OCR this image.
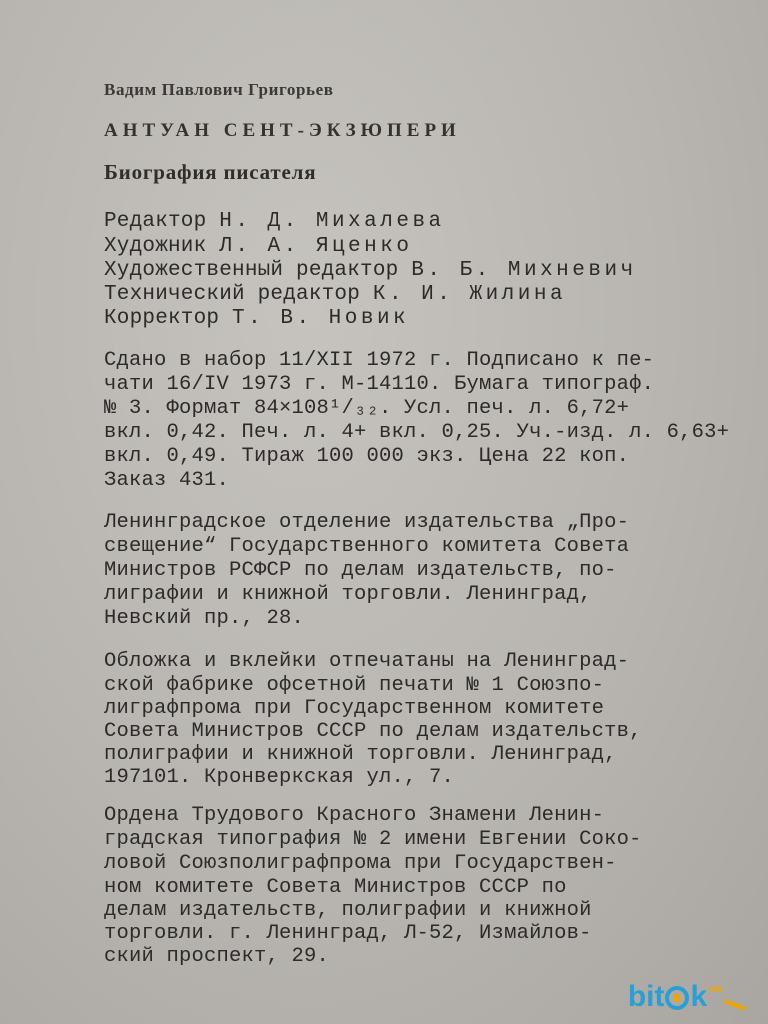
Вадим Павлович Григорьев
АНТУАН СЕНТ-ЭКЗЮПЕРИ
Биография писателя
Редактор Н. Д. Михалева
Художник Л. А. Яценко
Художественный редактор В. Б. Михневич
Технический редактор К. И. Жилина
Корректор Т. В. Новик
Сдано в набор 11/XII 1972 г. Подписано к пе-
чати 16/IV 1973 г. М-14110. Бумага типограф.
№ 3. Формат 84×108¹/₃₂. Усл. печ. л. 6,72+
вкл. 0,42. Печ. л. 4+ вкл. 0,25. Уч.-изд. л. 6,63+
вкл. 0,49. Тираж 100 000 экз. Цена 22 коп.
Заказ 431.
Ленинградское отделение издательства „Про-
свещение“ Государственного комитета Совета
Министров РСФСР по делам издательств, по-
лиграфии и книжной торговли. Ленинград,
Невский пр., 28.
Обложка и вклейки отпечатаны на Ленинград-
ской фабрике офсетной печати № 1 Союзпо-
лиграфпрома при Государственном комитете
Совета Министров СССР по делам издательств,
полиграфии и книжной торговли. Ленинград,
197101. Кронверкская ул., 7.
Ордена Трудового Красного Знамени Ленин-
градская типография № 2 имени Евгении Соко-
ловой Союзполиграфпрома при Государствен-
ном комитете Совета Министров СССР по
делам издательств, полиграфии и книжной
торговли. г. Ленинград, Л-52, Измайлов-
ский проспект, 29.
bit k ua
